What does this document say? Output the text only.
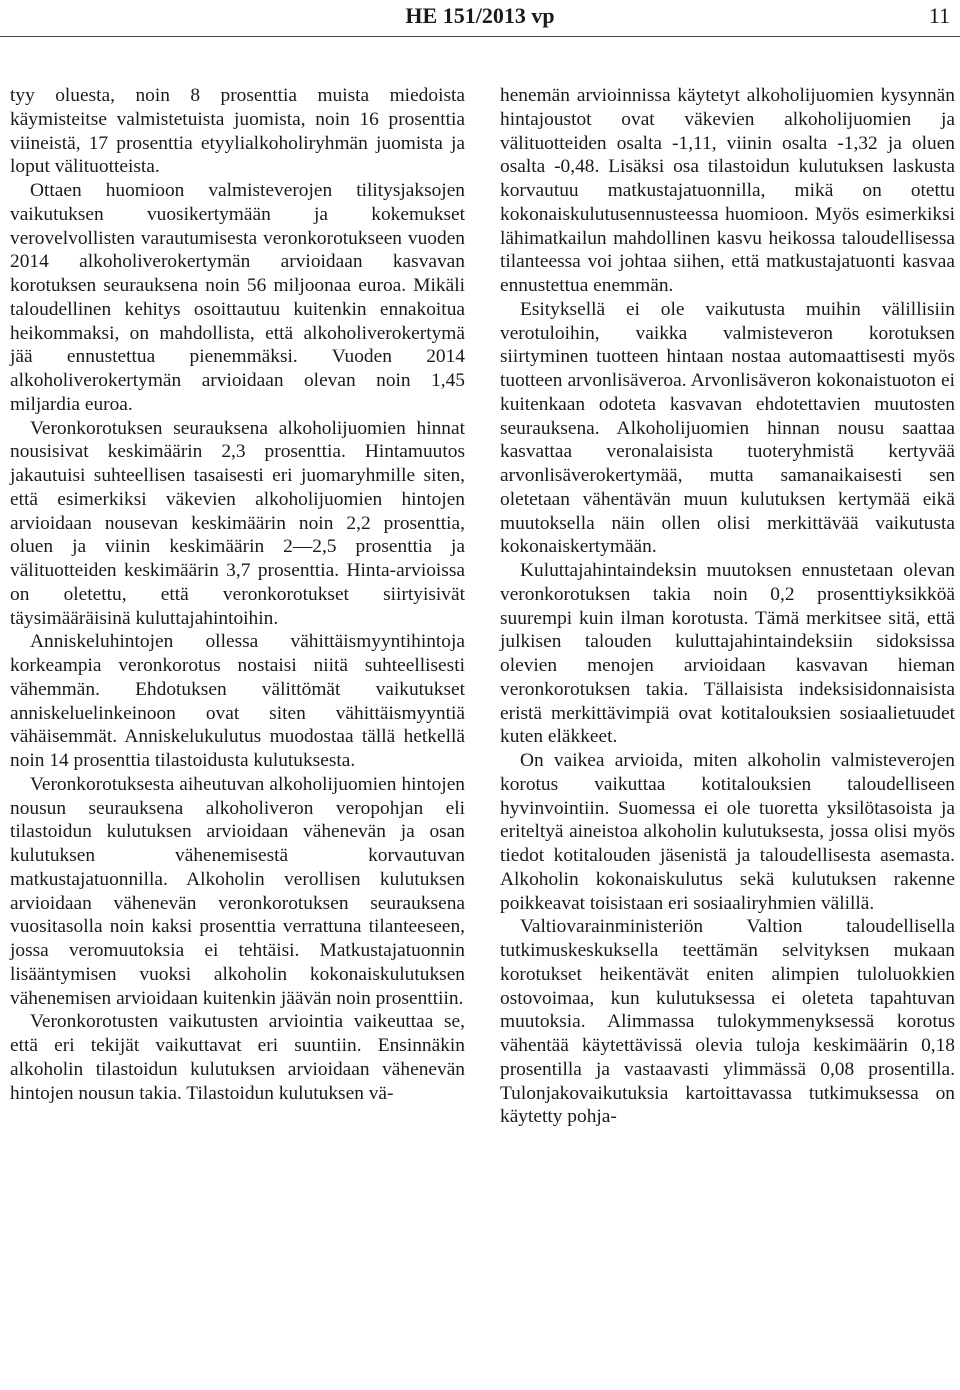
HE 151/2013 vp	11

tyy oluesta, noin 8 prosenttia muista miedoista käymisteitse valmistetuista juomista, noin 16 prosenttia viineistä, 17 prosenttia etyylialkoholiryhmän juomista ja loput välituotteista.

Ottaen huomioon valmisteverojen tilitysjaksojen vaikutuksen vuosikertymään ja kokemukset verovelvollisten varautumisesta veronkorotukseen vuoden 2014 alkoholiverokertymän arvioidaan kasvavan korotuksen seurauksena noin 56 miljoonaa euroa. Mikäli taloudellinen kehitys osoittautuu kuitenkin ennakoitua heikommaksi, on mahdollista, että alkoholiverokertymä jää ennustettua pienemmäksi. Vuoden 2014 alkoholiverokertymän arvioidaan olevan noin 1,45 miljardia euroa.

Veronkorotuksen seurauksena alkoholijuomien hinnat nousisivat keskimäärin 2,3 prosenttia. Hintamuutos jakautuisi suhteellisen tasaisesti eri juomaryhmille siten, että esimerkiksi väkevien alkoholijuomien hintojen arvioidaan nousevan keskimäärin noin 2,2 prosenttia, oluen ja viinin keskimäärin 2—2,5 prosenttia ja välituotteiden keskimäärin 3,7 prosenttia. Hinta-arvioissa on oletettu, että veronkorotukset siirtyisivät täysimääräisinä kuluttajahintoihin.

Anniskeluhintojen ollessa vähittäismyyntihintoja korkeampia veronkorotus nostaisi niitä suhteellisesti vähemmän. Ehdotuksen välittömät vaikutukset anniskeluelinkeinoon ovat siten vähittäismyyntiä vähäisemmät. Anniskelukulutus muodostaa tällä hetkellä noin 14 prosenttia tilastoidusta kulutuksesta.

Veronkorotuksesta aiheutuvan alkoholijuomien hintojen nousun seurauksena alkoholiveron veropohjan eli tilastoidun kulutuksen arvioidaan vähenevän ja osan kulutuksen vähenemisestä korvautuvan matkustajatuonnilla. Alkoholin verollisen kulutuksen arvioidaan vähenevän veronkorotuksen seurauksena vuositasolla noin kaksi prosenttia verrattuna tilanteeseen, jossa veromuutoksia ei tehtäisi. Matkustajatuonnin lisääntymisen vuoksi alkoholin kokonaiskulutuksen vähenemisen arvioidaan kuitenkin jäävän noin prosenttiin.

Veronkorotusten vaikutusten arviointia vaikeuttaa se, että eri tekijät vaikuttavat eri suuntiin. Ensinnäkin alkoholin tilastoidun kulutuksen arvioidaan vähenevän hintojen nousun takia. Tilastoidun kulutuksen vä-

henemän arvioinnissa käytetyt alkoholijuomien kysynnän hintajoustot ovat väkevien alkoholijuomien ja välituotteiden osalta -1,11, viinin osalta -1,32 ja oluen osalta -0,48. Lisäksi osa tilastoidun kulutuksen laskusta korvautuu matkustajatuonnilla, mikä on otettu kokonaiskulutusennusteessa huomioon. Myös esimerkiksi lähimatkailun mahdollinen kasvu heikossa taloudellisessa tilanteessa voi johtaa siihen, että matkustajatuonti kasvaa ennustettua enemmän.

Esityksellä ei ole vaikutusta muihin välillisiin verotuloihin, vaikka valmisteveron korotuksen siirtyminen tuotteen hintaan nostaa automaattisesti myös tuotteen arvonlisäveroa. Arvonlisäveron kokonaistuoton ei kuitenkaan odoteta kasvavan ehdotettavien muutosten seurauksena. Alkoholijuomien hinnan nousu saattaa kasvattaa veronalaisista tuoteryhmistä kertyvää arvonlisäverokertymää, mutta samanaikaisesti sen oletetaan vähentävän muun kulutuksen kertymää eikä muutoksella näin ollen olisi merkittävää vaikutusta kokonaiskertymään.

Kuluttajahintaindeksin muutoksen ennustetaan olevan veronkorotuksen takia noin 0,2 prosenttiyksikköä suurempi kuin ilman korotusta. Tämä merkitsee sitä, että julkisen talouden kuluttajahintaindeksiin sidoksissa olevien menojen arvioidaan kasvavan hieman veronkorotuksen takia. Tällaisista indeksisidonnaisista eristä merkittävimpiä ovat kotitalouksien sosiaalietuudet kuten eläkkeet.

On vaikea arvioida, miten alkoholin valmisteverojen korotus vaikuttaa kotitalouksien taloudelliseen hyvinvointiin. Suomessa ei ole tuoretta yksilötasoista ja eriteltyä aineistoa alkoholin kulutuksesta, jossa olisi myös tiedot kotitalouden jäsenistä ja taloudellisesta asemasta. Alkoholin kokonaiskulutus sekä kulutuksen rakenne poikkeavat toisistaan eri sosiaaliryhmien välillä.

Valtiovarainministeriön Valtion taloudellisella tutkimuskeskuksella teettämän selvityksen mukaan korotukset heikentävät eniten alimpien tuloluokkien ostovoimaa, kun kulutuksessa ei oleteta tapahtuvan muutoksia. Alimmassa tulokymmenyksessä korotus vähentää käytettävissä olevia tuloja keskimäärin 0,18 prosentilla ja vastaavasti ylimmässä 0,08 prosentilla. Tulonjakovaikutuksia kartoittavassa tutkimuksessa on käytetty pohja-
